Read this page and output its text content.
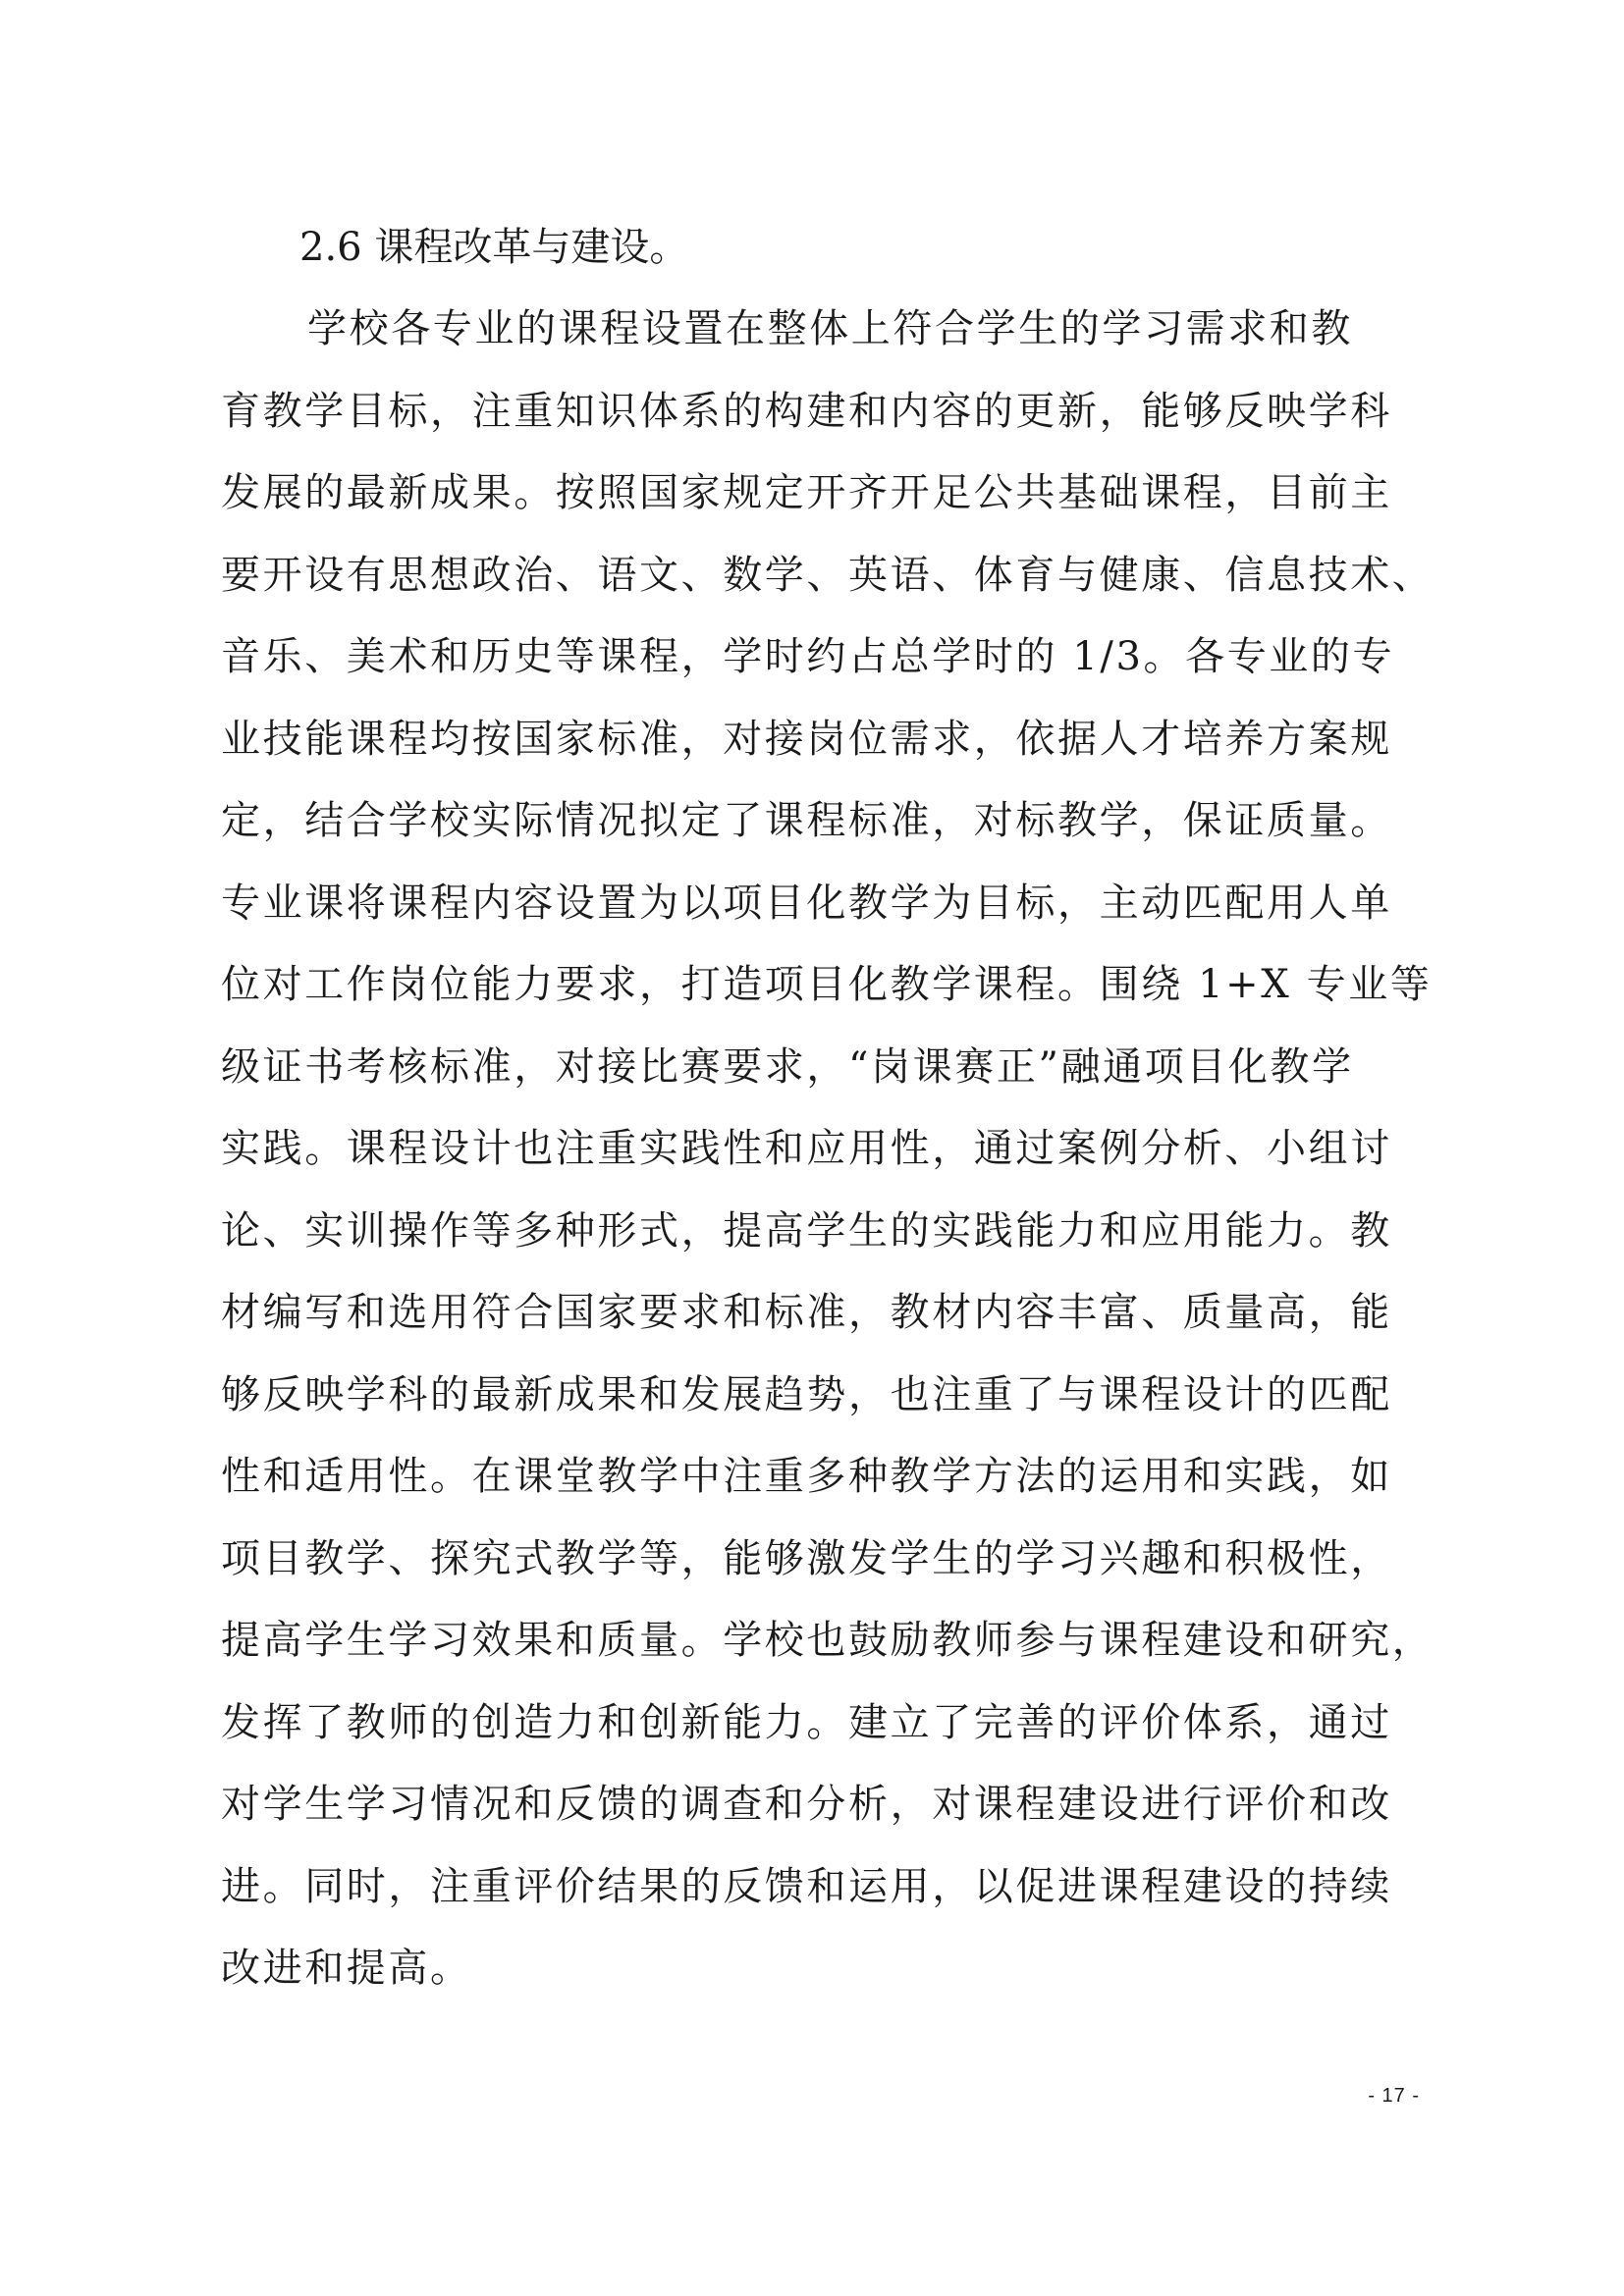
2.6 课程改革与建设。
学校各专业的课程设置在整体上符合学生的学习需求和教
育教学目标，注重知识体系的构建和内容的更新，能够反映学科
发展的最新成果。按照国家规定开齐开足公共基础课程，目前主
要开设有思想政治、语文、数学、英语、体育与健康、信息技术、
音乐、美术和历史等课程，学时约占总学时的 1/3。各专业的专
业技能课程均按国家标准，对接岗位需求，依据人才培养方案规
定，结合学校实际情况拟定了课程标准，对标教学，保证质量。
专业课将课程内容设置为以项目化教学为目标，主动匹配用人单
位对工作岗位能力要求，打造项目化教学课程。围绕 1+X 专业等
级证书考核标准，对接比赛要求，“岗课赛正”融通项目化教学
实践。课程设计也注重实践性和应用性，通过案例分析、小组讨
论、实训操作等多种形式，提高学生的实践能力和应用能力。教
材编写和选用符合国家要求和标准，教材内容丰富、质量高，能
够反映学科的最新成果和发展趋势，也注重了与课程设计的匹配
性和适用性。在课堂教学中注重多种教学方法的运用和实践，如
项目教学、探究式教学等，能够激发学生的学习兴趣和积极性，
提高学生学习效果和质量。学校也鼓励教师参与课程建设和研究，
发挥了教师的创造力和创新能力。建立了完善的评价体系，通过
对学生学习情况和反馈的调查和分析，对课程建设进行评价和改
进。同时，注重评价结果的反馈和运用，以促进课程建设的持续
改进和提高。
- 17 -
